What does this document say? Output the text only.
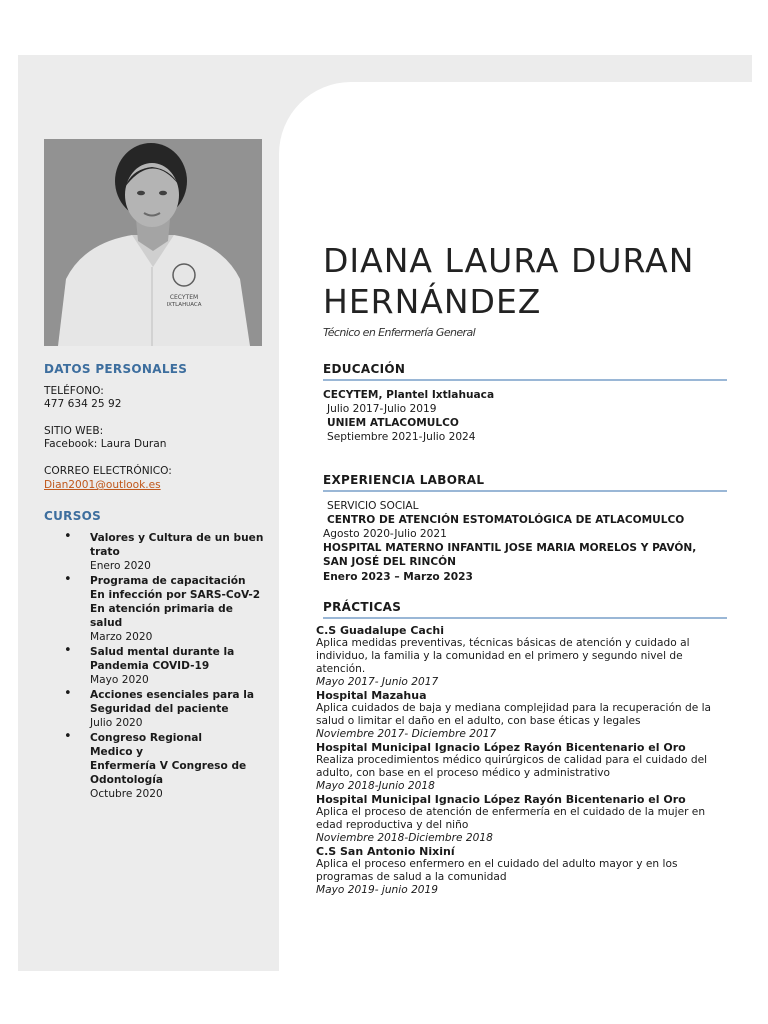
CECYTEM
IXTLAHUACA
DATOS PERSONALES
TELÉFONO:
477 634 25 92
SITIO WEB:
Facebook: Laura Duran
CORREO ELECTRÓNICO:
Dian2001@outlook.es
CURSOS
• Valores y Cultura de un buen trato
Enero 2020
• Programa de capacitación En infección por SARS-CoV-2
En atención primaria de salud
Marzo 2020
• Salud mental durante la Pandemia COVID-19
Mayo 2020
• Acciones esenciales para la Seguridad del paciente
Julio 2020
• Congreso Regional
Medico y
Enfermería V Congreso de Odontología
Octubre 2020
DIANA LAURA DURAN
HERNÁNDEZ
Técnico en Enfermería General
EDUCACIÓN
CECYTEM, Plantel Ixtlahuaca
Julio 2017-Julio 2019
UNIEM ATLACOMULCO
Septiembre 2021-Julio 2024
EXPERIENCIA LABORAL
SERVICIO SOCIAL
CENTRO DE ATENCIÓN ESTOMATOLÓGICA DE ATLACOMULCO
Agosto 2020-Julio 2021
HOSPITAL MATERNO INFANTIL JOSE MARIA MORELOS Y PAVÓN,
SAN JOSÉ DEL RINCÓN
Enero 2023 – Marzo 2023
PRÁCTICAS
C.S Guadalupe Cachi
Aplica medidas preventivas, técnicas básicas de atención y cuidado al individuo, la familia y la comunidad en el primero y segundo nivel de atención.
Mayo 2017- Junio 2017
Hospital Mazahua
Aplica cuidados de baja y mediana complejidad para la recuperación de la salud o limitar el daño en el adulto, con base éticas y legales
Noviembre 2017- Diciembre 2017
Hospital Municipal Ignacio López Rayón Bicentenario el Oro
Realiza procedimientos médico quirúrgicos de calidad para el cuidado del adulto, con base en el proceso médico y administrativo
Mayo 2018-Junio 2018
Hospital Municipal Ignacio López Rayón Bicentenario el Oro
Aplica el proceso de atención de enfermería en el cuidado de la mujer en edad reproductiva y del niño
Noviembre 2018-Diciembre 2018
C.S San Antonio Nixiní
Aplica el proceso enfermero en el cuidado del adulto mayor y en los programas de salud a la comunidad
Mayo 2019- junio 2019
